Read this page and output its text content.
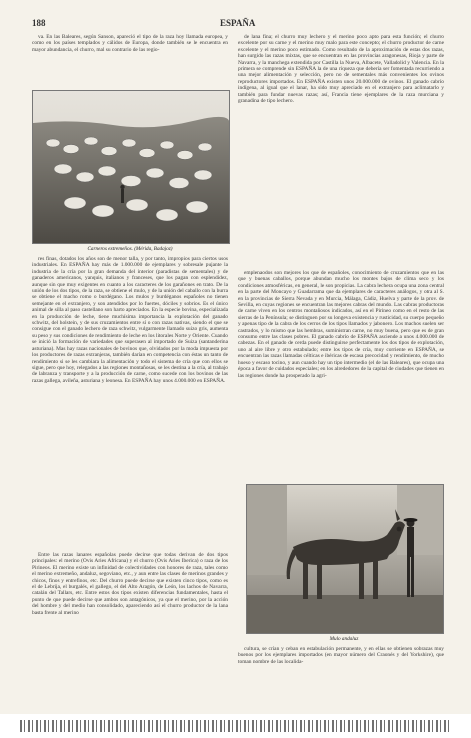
188	ESPAÑA

va. En las Baleares, según Sanson, apareció el tipo de la raza hoy llamada europea, y como en los países templados y cálidos de Europa, donde también se le encuentra en mayor abundancia, el churro, mal su contrario de las regio-

Carneros extremeños. (Mérida, Badajoz)

res finas, dotados los años son de menor talla, y por tanto, impropios para ciertos usos industriales. En ESPAÑA hay más de 1.000.000 de ejemplares y sobresale pujante la industria de la cría por la gran demanda del interior (paradistas de sementales) y de ganaderos americanos, yanquis, italianos y franceses, que los pagan con esplendidez, aunque sin que muy exigentes en cuanto a los caracteres de los garañones en trato. De la unión de los dos tipos, de la raza, se obtiene el mulo, y de la unión del caballo con la burra se obtiene el macho romo o burdégano. Los mulos y burdéganos españoles no tienen semejante en el extranjero, y son atendidos por lo fuertes, dóciles y sobrios. Es el único animal de silla al paso castellano son harto apreciados. En la especie bovina, especializada en la producción de leche, tiene muchísima importancia la explotación del ganado schwitz, del holstein, y de sus cruzamientos entre sí o con razas nativas, siendo el que se consigue con el ganado lechero de raza schwitz, vulgarmente llamado suizo gris, aumenta su peso y sus condiciones de rendimiento de leche en los litorales Norte y Oriente. Cuando se inició la formación de variedades que superasen al importado de Suiza (santanderina asturiana). Mas hay razas nacionales de bovinos que, olvidados por la moda impuesta por los productores de razas extranjeras, también darían en competencia con éstas un tanto de rendimiento si se les cambiara la alimentación y todo el sistema de cría que con ellos se sigue, pero que hoy, relegados a las regiones montañosas, se les destina a la cría, al trabajo de labranza y transporte y a la producción de carne, como sucede con los bovinos de las razas gallega, avileña, asturiana y leonesa. En ESPAÑA hay unos 4.000.000 en ESPAÑA.

Entre las razas lanares españolas puede decirse que todas derivan de dos tipos principales: el merino (Ovis Aries Africana) y el churro (Ovis Aries Iberica) o raza de los Pirineos. El merino existe un infinidad de colectividades con honores de raza, tales como el merino extremeño, andaluz, segoviano, etc., y aun entre las clases de merinos grandes y chicos, finos y entrefinos, etc. Del churro puede decirse que existen cinco tipos, como es el de Lebrija, el burgalés, el gallego, el del Alto Aragón, de León, los lachos de Navarra, catalán del Tallars, etc. Entre estos dos tipos existen diferencias fundamentales, hasta el punto de que puede decirse que ambos son antagónicos, ya que el merino, por la acción del hombre y del medio han consolidado, apareciendo así el churro productor de la lana basta frente al merino

de lana fina; el churro muy lechero y el merino poco apto para esta función; el churro excelente por su carne y el merino muy malo para este concepto; el churro productor de carne excelente y el merino poco estimado. Como resultado de la aproximación de estas dos razas, han surgido las razas mixtas, que se encuentran en las provincias aragonesas, Rioja y parte de Navarra, y la manchega extendida por Castilla la Nueva, Albacete, Valladolid y Valencia. En la primera se comprende sin ESPAÑA la de una riqueza que debería ser fomentada recurriendo a una mejor alimentación y selección, pero no de sementales más convenientes los ovinos reproductores importados. En ESPAÑA existen unos 20.000.000 de ovinos. El ganado cabrío indígena, al igual que el lanar, ha sido muy apreciado en el extranjero para aclimatarlo y también para fundar nuevas razas; así, Francia tiene ejemplares de la raza murciana y granadina de tipo lechero.

emplenaodos son mejores los que de españoles, conocimiento de cruzamientos que en las que y buenas caballos, porque abundan mucho los montes bajos de clima seco y los condiciones atmosféricas, en general, le son propicias. La cabra lechera ocupa una zona central en la parte del Moncayo y Guadarrama que da ejemplares de caracteres análogos, y otra al S. en la provincias de Sierra Nevada y en Murcia, Málaga, Cádiz, Huelva y parte de la prov. de Sevilla, en cuyas regiones se encuentran las mejores cabras del mundo. Las cabras productoras de carne viven en los centros montañosos indicados, así en el Pirineo como en el resto de las sierras de la Península; se distinguen por su longeva existencia y rusticidad, su cuerpo pequeño y apenas tipo de la cabra de los cerros de los tipos llamados y jabonero. Los machos suelen ser castrados, y lo mismo que las hembras, suministran carne, no muy buena, pero que es de gran consumo entre las clases pobres. El ganado cabrío de ESPAÑA asciende a unos 4.000.000 de cabezas. En el ganado de cerda puede distinguirse perfectamente los dos tipos de explotación, uno al aire libre y otro estabulado; entre los tipos de cría, muy corriente en ESPAÑA, se encuentran las razas llamadas célticas e ibéricas de escasa precocidad y rendimiento, de mucho hueso y escaso tocino, y aun cuando hay un tipo intermedio (el de las Baleares), que ocupa una época a favor de cuidados especiales; en los alrededores de la capital de ciudades que tienen en las regiones donde ha prosperado la agri-

Mulo andaluz

cultura, se crían y ceban en estabulación permanente, y en ellas se obtienen sobrazas muy buenos por los ejemplares importados (en mayor número del Craonés y del Yorkshire), que toman nombre de las localida-
